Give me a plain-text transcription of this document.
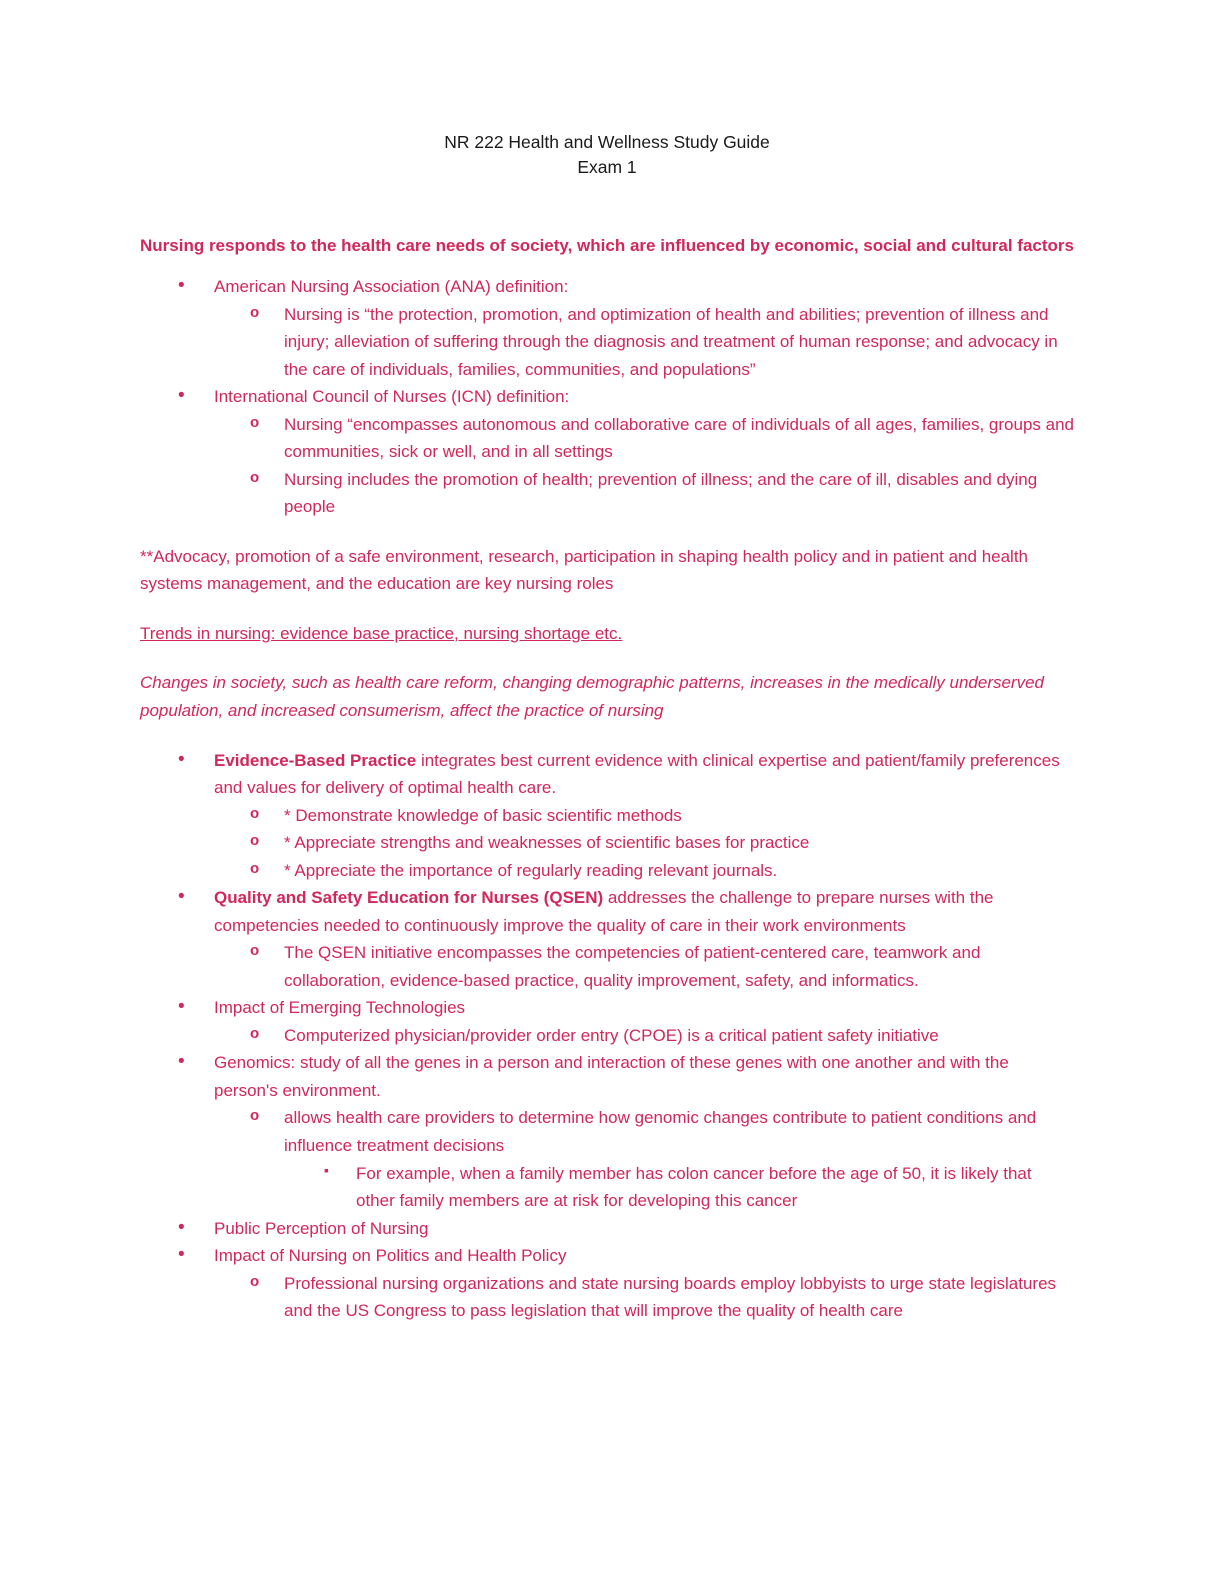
NR 222 Health and Wellness Study Guide
Exam 1

Nursing responds to the health care needs of society, which are influenced by economic, social and cultural factors

• American Nursing Association (ANA) definition:
o Nursing is “the protection, promotion, and optimization of health and abilities; prevention of illness and injury; alleviation of suffering through the diagnosis and treatment of human response; and advocacy in the care of individuals, families, communities, and populations”
• International Council of Nurses (ICN) definition:
o Nursing “encompasses autonomous and collaborative care of individuals of all ages, families, groups and communities, sick or well, and in all settings
o Nursing includes the promotion of health; prevention of illness; and the care of ill, disables and dying people

**Advocacy, promotion of a safe environment, research, participation in shaping health policy and in patient and health systems management, and the education are key nursing roles

Trends in nursing: evidence base practice, nursing shortage etc.

Changes in society, such as health care reform, changing demographic patterns, increases in the medically underserved population, and increased consumerism, affect the practice of nursing

• Evidence-Based Practice integrates best current evidence with clinical expertise and patient/family preferences and values for delivery of optimal health care.
o * Demonstrate knowledge of basic scientific methods
o * Appreciate strengths and weaknesses of scientific bases for practice
o * Appreciate the importance of regularly reading relevant journals.
• Quality and Safety Education for Nurses (QSEN) addresses the challenge to prepare nurses with the competencies needed to continuously improve the quality of care in their work environments
o The QSEN initiative encompasses the competencies of patient-centered care, teamwork and collaboration, evidence-based practice, quality improvement, safety, and informatics.
• Impact of Emerging Technologies
o Computerized physician/provider order entry (CPOE) is a critical patient safety initiative
• Genomics: study of all the genes in a person and interaction of these genes with one another and with the person's environment.
o allows health care providers to determine how genomic changes contribute to patient conditions and influence treatment decisions
▪ For example, when a family member has colon cancer before the age of 50, it is likely that other family members are at risk for developing this cancer
• Public Perception of Nursing
• Impact of Nursing on Politics and Health Policy
o Professional nursing organizations and state nursing boards employ lobbyists to urge state legislatures and the US Congress to pass legislation that will improve the quality of health care
